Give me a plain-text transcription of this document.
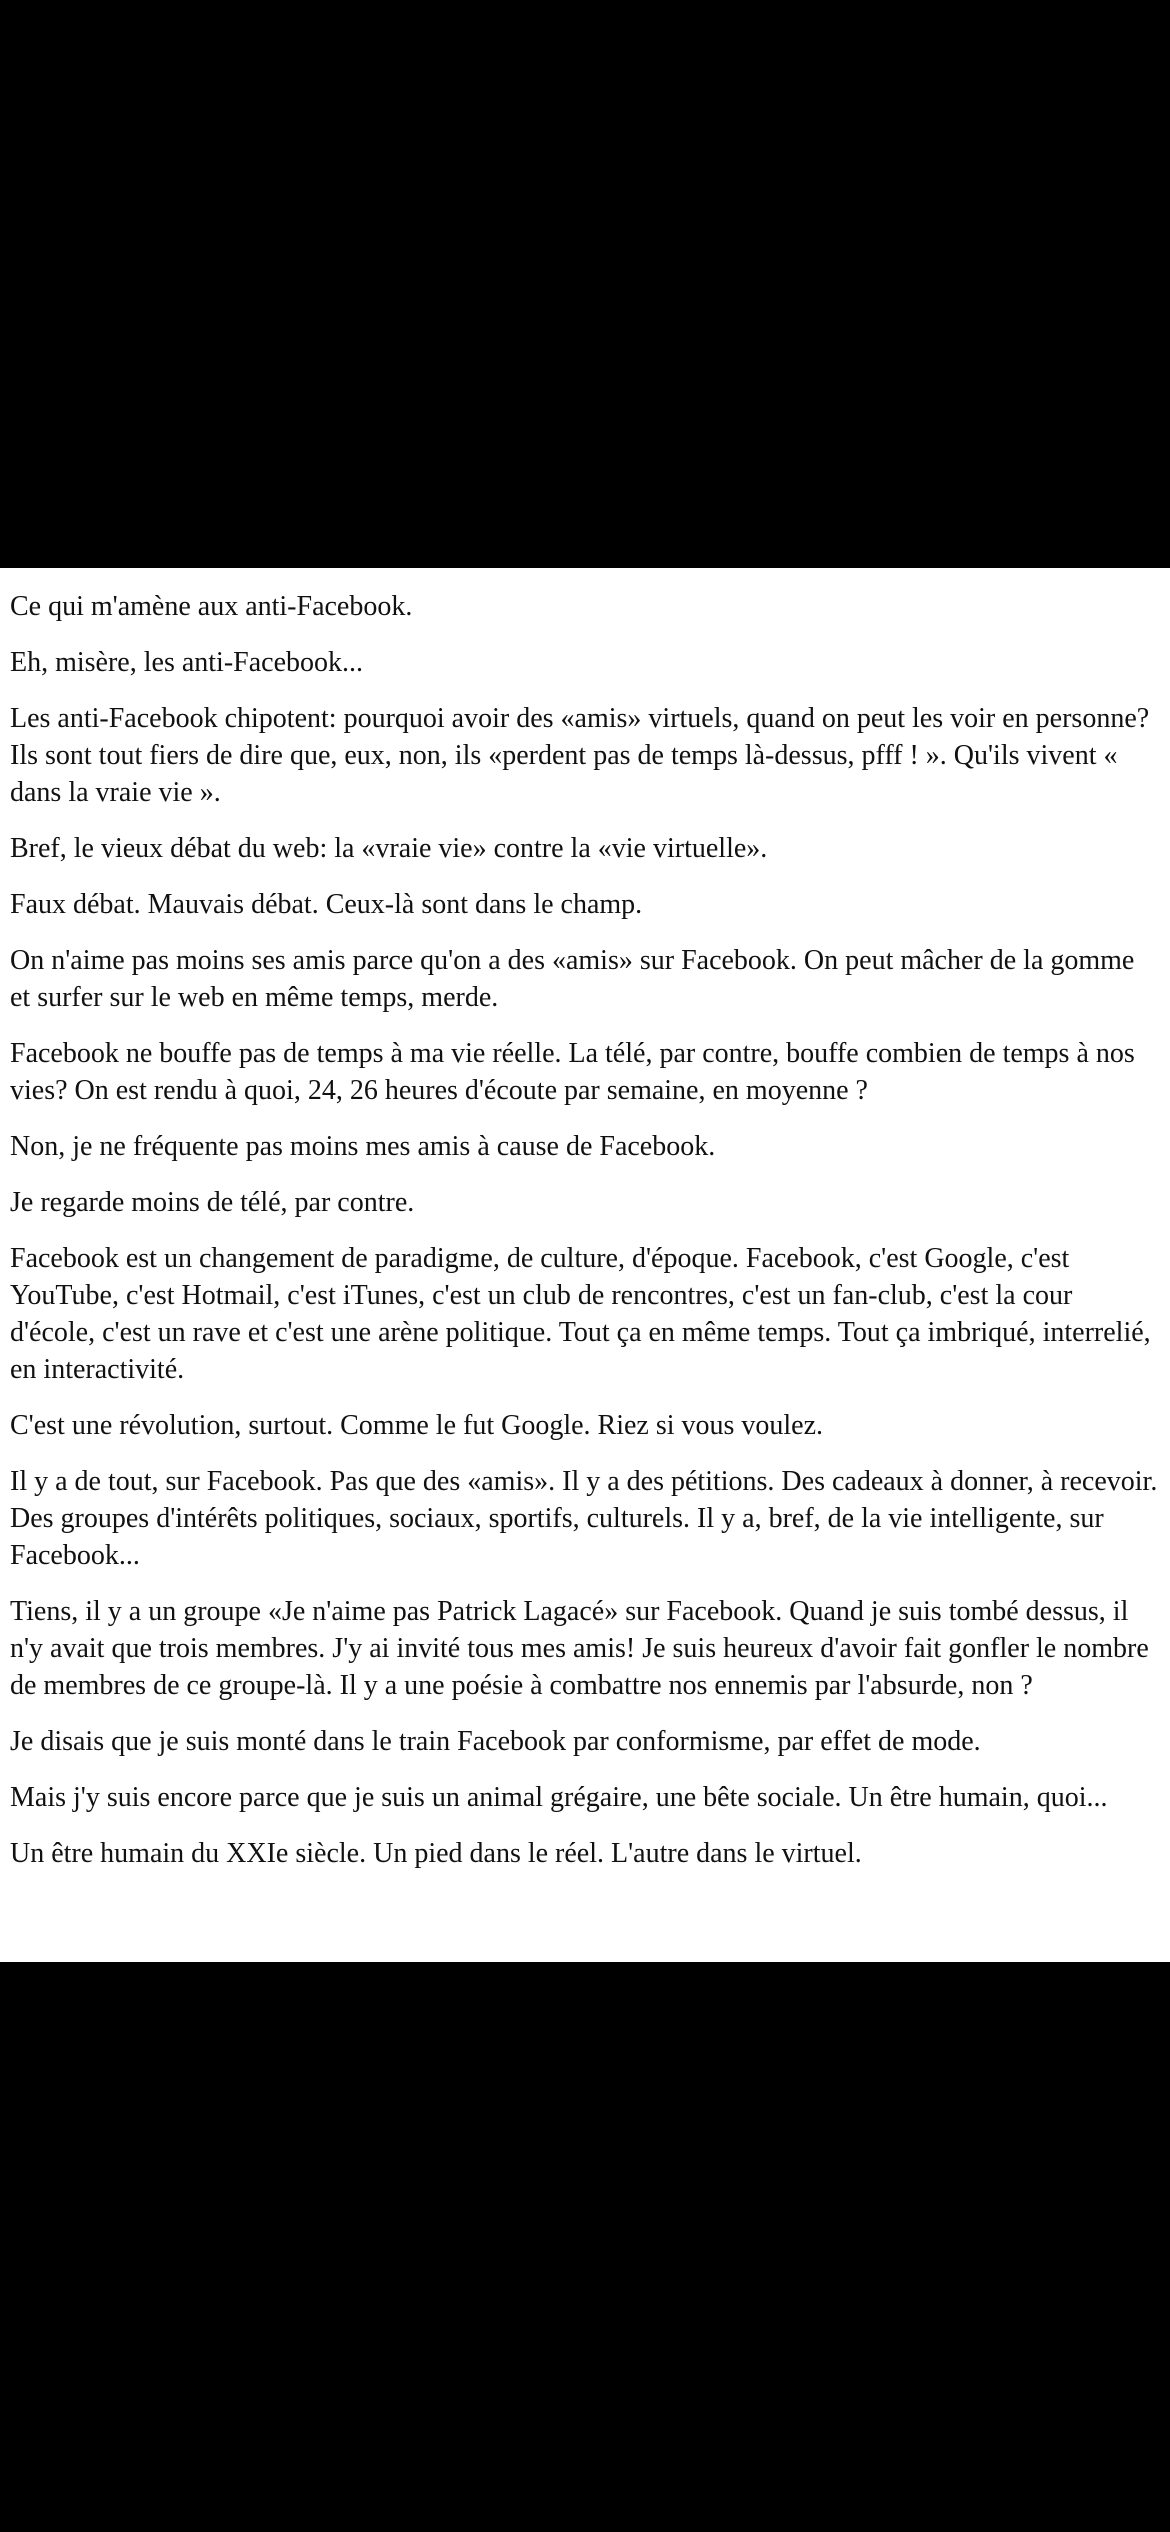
Ce qui m'amène aux anti-Facebook.

Eh, misère, les anti-Facebook...

Les anti-Facebook chipotent: pourquoi avoir des «amis» virtuels, quand on peut les voir en personne? Ils sont tout fiers de dire que, eux, non, ils «perdent pas de temps là-dessus, pfff ! ». Qu'ils vivent « dans la vraie vie ».

Bref, le vieux débat du web: la «vraie vie» contre la «vie virtuelle».

Faux débat. Mauvais débat. Ceux-là sont dans le champ.

On n'aime pas moins ses amis parce qu'on a des «amis» sur Facebook. On peut mâcher de la gomme et surfer sur le web en même temps, merde.

Facebook ne bouffe pas de temps à ma vie réelle. La télé, par contre, bouffe combien de temps à nos vies? On est rendu à quoi, 24, 26 heures d'écoute par semaine, en moyenne ?

Non, je ne fréquente pas moins mes amis à cause de Facebook.

Je regarde moins de télé, par contre.

Facebook est un changement de paradigme, de culture, d'époque. Facebook, c'est Google, c'est YouTube, c'est Hotmail, c'est iTunes, c'est un club de rencontres, c'est un fan-club, c'est la cour d'école, c'est un rave et c'est une arène politique. Tout ça en même temps. Tout ça imbriqué, interrelié, en interactivité.

C'est une révolution, surtout. Comme le fut Google. Riez si vous voulez.

Il y a de tout, sur Facebook. Pas que des «amis». Il y a des pétitions. Des cadeaux à donner, à recevoir. Des groupes d'intérêts politiques, sociaux, sportifs, culturels. Il y a, bref, de la vie intelligente, sur Facebook...

Tiens, il y a un groupe «Je n'aime pas Patrick Lagacé» sur Facebook. Quand je suis tombé dessus, il n'y avait que trois membres. J'y ai invité tous mes amis! Je suis heureux d'avoir fait gonfler le nombre de membres de ce groupe-là. Il y a une poésie à combattre nos ennemis par l'absurde, non ?

Je disais que je suis monté dans le train Facebook par conformisme, par effet de mode.

Mais j'y suis encore parce que je suis un animal grégaire, une bête sociale. Un être humain, quoi...

Un être humain du XXIe siècle. Un pied dans le réel. L'autre dans le virtuel.
